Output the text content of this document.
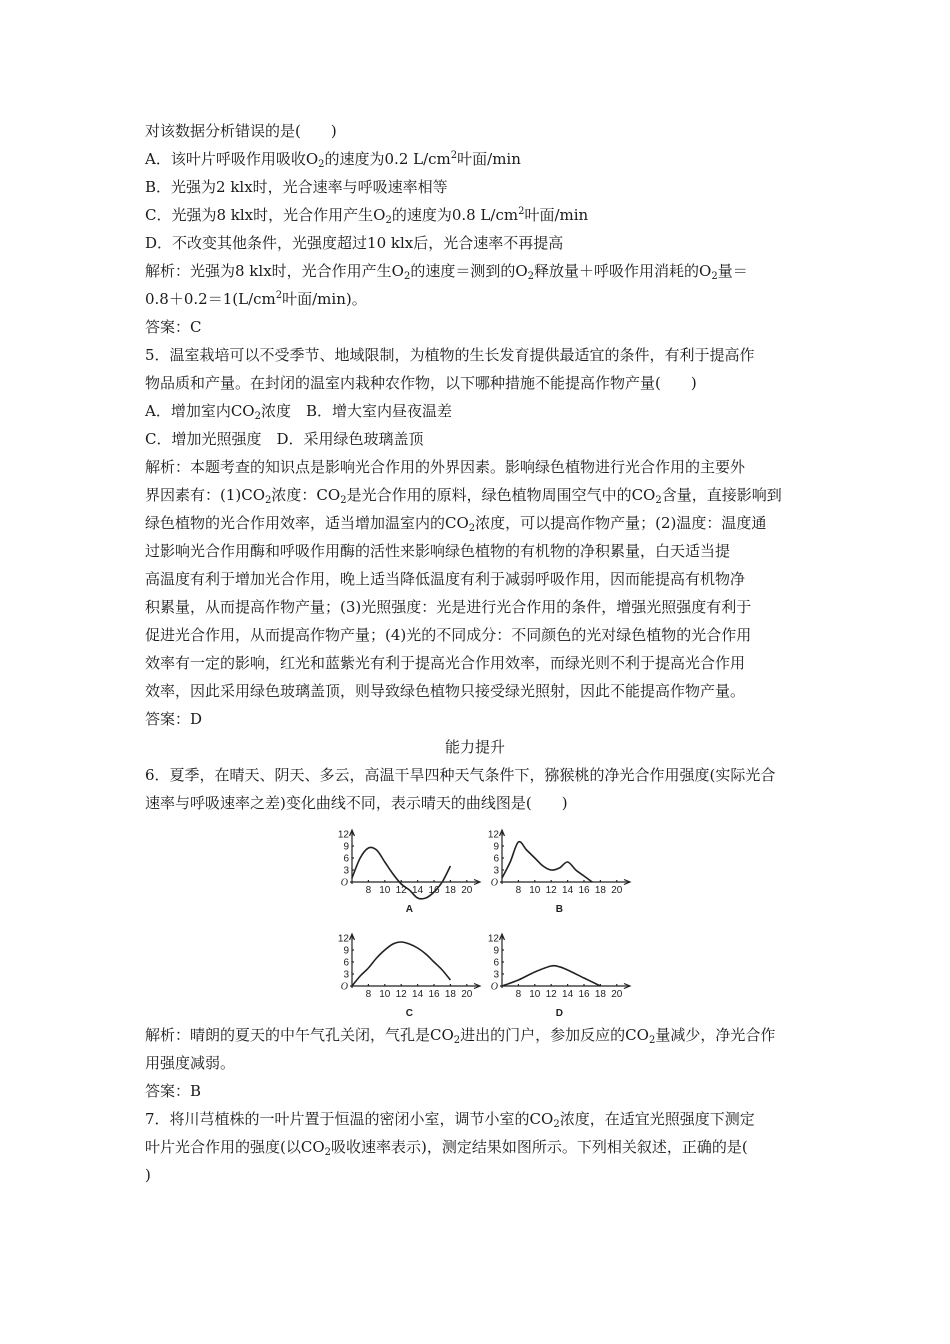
对该数据分析错误的是(　　)
A．该叶片呼吸作用吸收$O_2$的速度为0.2 $L/cm^2$叶面/min
B．光强为2 klx时，光合速率与呼吸速率相等
C．光强为8 klx时，光合作用产生$O_2$的速度为0.8 $L/cm^2$叶面/min
D．不改变其他条件，光强度超过10 klx后，光合速率不再提高
解析：光强为8 klx时，光合作用产生$O_2$的速度＝测到的$O_2$释放量＋呼吸作用消耗的$O_2$量＝
$0.8+0.2=1(L/cm^2$叶面/min)。
答案：C
5．温室栽培可以不受季节、地域限制，为植物的生长发育提供最适宜的条件，有利于提高作
物品质和产量。在封闭的温室内栽种农作物，以下哪种措施不能提高作物产量(　　)
A．增加室内$CO_2$浓度　B．增大室内昼夜温差
C．增加光照强度　D．采用绿色玻璃盖顶
解析：本题考查的知识点是影响光合作用的外界因素。影响绿色植物进行光合作用的主要外
界因素有：$(1)CO_2$浓度：$CO_2$是光合作用的原料，绿色植物周围空气中的$CO_2$含量，直接影响到
绿色植物的光合作用效率，适当增加温室内的$CO_2$浓度，可以提高作物产量；(2)温度：温度通
过影响光合作用酶和呼吸作用酶的活性来影响绿色植物的有机物的净积累量，白天适当提
高温度有利于增加光合作用，晚上适当降低温度有利于减弱呼吸作用，因而能提高有机物净
积累量，从而提高作物产量；(3)光照强度：光是进行光合作用的条件，增强光照强度有利于
促进光合作用，从而提高作物产量；(4)光的不同成分：不同颜色的光对绿色植物的光合作用
效率有一定的影响，红光和蓝紫光有利于提高光合作用效率，而绿光则不利于提高光合作用
效率，因此采用绿色玻璃盖顶，则导致绿色植物只接受绿光照射，因此不能提高作物产量。
答案：D
能力提升
6．夏季，在晴天、阴天、多云，高温干旱四种天气条件下，猕猴桃的净光合作用强度(实际光合
速率与呼吸速率之差)变化曲线不同，表示晴天的曲线图是(　　)
12
9
6
3
O
8 10 12 14 16 18 20
A
12
9
6
3
O
8 10 12 14 16 18 20
B
12
9
6
3
O
8 10 12 14 16 18 20
C
12
9
6
3
O
8 10 12 14 16 18 20
D
解析：晴朗的夏天的中午气孔关闭，气孔是$CO_2$进出的门户，参加反应的$CO_2$量减少，净光合作
用强度减弱。
答案：B
7．将川芎植株的一叶片置于恒温的密闭小室，调节小室的$CO_2$浓度，在适宜光照强度下测定
叶片光合作用的强度(以$CO_2$吸收速率表示)，测定结果如图所示。下列相关叙述，正确的是(
)
